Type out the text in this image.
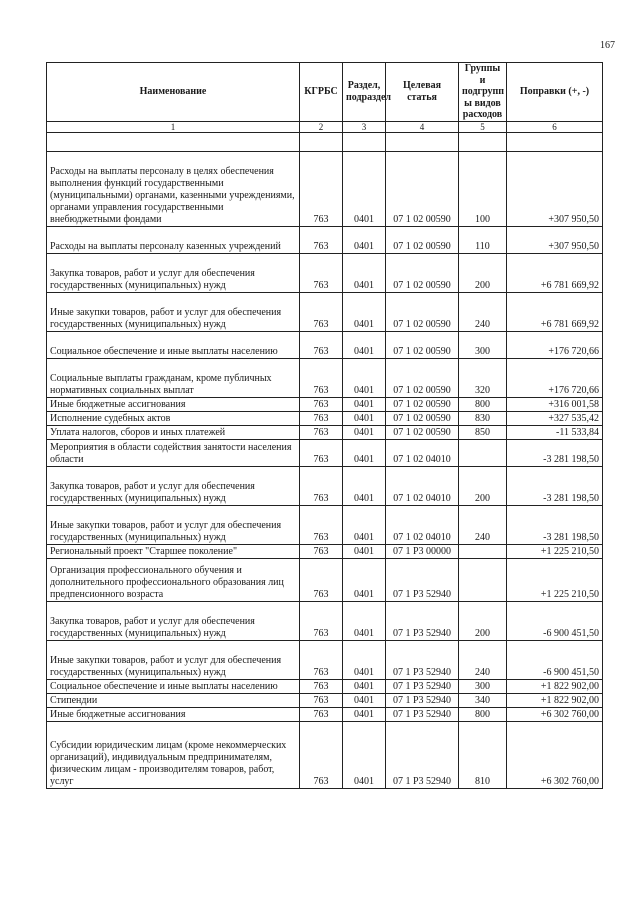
167
Наименование	КГРБС	Раздел, подраздел	Целевая статья	Группы и подгрупп ы видов расходов	Поправки (+, -)
1	2	3	4	5	6

Расходы на выплаты персоналу в целях обеспечения выполнения функций государственными (муниципальными) органами, казенными учреждениями, органами управления государственными внебюджетными фондами	763	0401	07 1 02 00590	100	+307 950,50
Расходы на выплаты персоналу казенных учреждений	763	0401	07 1 02 00590	110	+307 950,50
Закупка товаров, работ и услуг для обеспечения государственных (муниципальных) нужд	763	0401	07 1 02 00590	200	+6 781 669,92
Иные закупки товаров, работ и услуг для обеспечения государственных (муниципальных) нужд	763	0401	07 1 02 00590	240	+6 781 669,92
Социальное обеспечение и иные выплаты населению	763	0401	07 1 02 00590	300	+176 720,66
Социальные выплаты гражданам, кроме публичных нормативных социальных выплат	763	0401	07 1 02 00590	320	+176 720,66
Иные бюджетные ассигнования	763	0401	07 1 02 00590	800	+316 001,58
Исполнение судебных актов	763	0401	07 1 02 00590	830	+327 535,42
Уплата налогов, сборов и иных платежей	763	0401	07 1 02 00590	850	-11 533,84
Мероприятия в области содействия занятости населения области	763	0401	07 1 02 04010		-3 281 198,50
Закупка товаров, работ и услуг для обеспечения государственных (муниципальных) нужд	763	0401	07 1 02 04010	200	-3 281 198,50
Иные закупки товаров, работ и услуг для обеспечения государственных (муниципальных) нужд	763	0401	07 1 02 04010	240	-3 281 198,50
Региональный проект "Старшее поколение"	763	0401	07 1 P3 00000		+1 225 210,50
Организация профессионального обучения и дополнительного профессионального образования лиц предпенсионного возраста	763	0401	07 1 P3 52940		+1 225 210,50
Закупка товаров, работ и услуг для обеспечения государственных (муниципальных) нужд	763	0401	07 1 P3 52940	200	-6 900 451,50
Иные закупки товаров, работ и услуг для обеспечения государственных (муниципальных) нужд	763	0401	07 1 P3 52940	240	-6 900 451,50
Социальное обеспечение и иные выплаты населению	763	0401	07 1 P3 52940	300	+1 822 902,00
Стипендии	763	0401	07 1 P3 52940	340	+1 822 902,00
Иные бюджетные ассигнования	763	0401	07 1 P3 52940	800	+6 302 760,00
Субсидии юридическим лицам (кроме некоммерческих организаций), индивидуальным предпринимателям, физическим лицам - производителям товаров, работ, услуг	763	0401	07 1 P3 52940	810	+6 302 760,00
